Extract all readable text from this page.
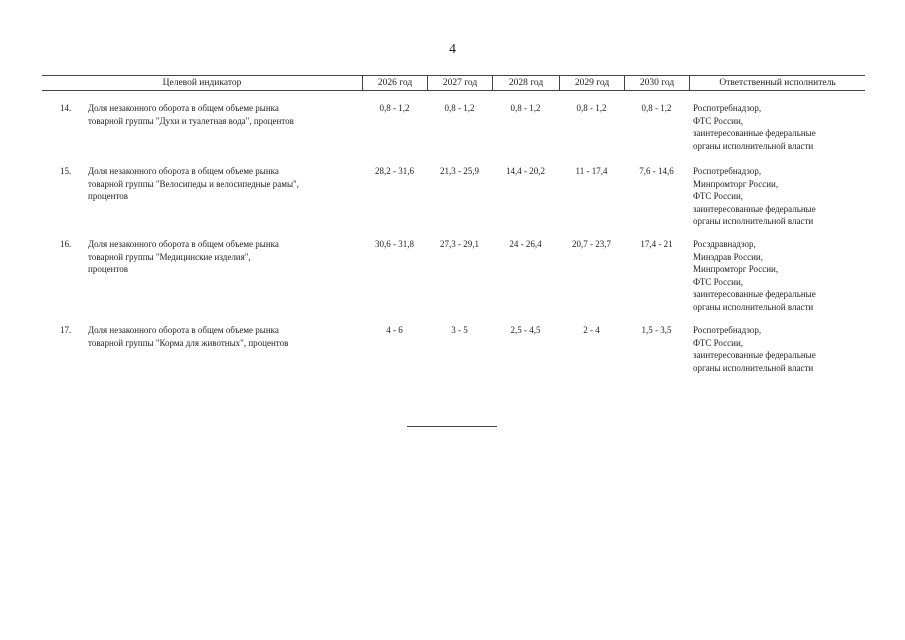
4
Целевой индикатор	2026 год	2027 год	2028 год	2029 год	2030 год	Ответственный исполнитель
14. Доля незаконного оборота в общем объеме рынка
товарной группы "Духи и туалетная вода", процентов
0,8 - 1,2	0,8 - 1,2	0,8 - 1,2	0,8 - 1,2	0,8 - 1,2	Роспотребнадзор,
ФТС России,
заинтересованные федеральные
органы исполнительной власти
15. Доля незаконного оборота в общем объеме рынка
товарной группы "Велосипеды и велосипедные рамы",
процентов
28,2 - 31,6	21,3 - 25,9	14,4 - 20,2	11 - 17,4	7,6 - 14,6	Роспотребнадзор,
Минпромторг России,
ФТС России,
заинтересованные федеральные
органы исполнительной власти
16. Доля незаконного оборота в общем объеме рынка
товарной группы "Медицинские изделия",
процентов
30,6 - 31,8	27,3 - 29,1	24 - 26,4	20,7 - 23,7	17,4 - 21	Росздравнадзор,
Минздрав России,
Минпромторг России,
ФТС России,
заинтересованные федеральные
органы исполнительной власти
17. Доля незаконного оборота в общем объеме рынка
товарной группы "Корма для животных", процентов
4 - 6	3 - 5	2,5 - 4,5	2 - 4	1,5 - 3,5	Роспотребнадзор,
ФТС России,
заинтересованные федеральные
органы исполнительной власти
